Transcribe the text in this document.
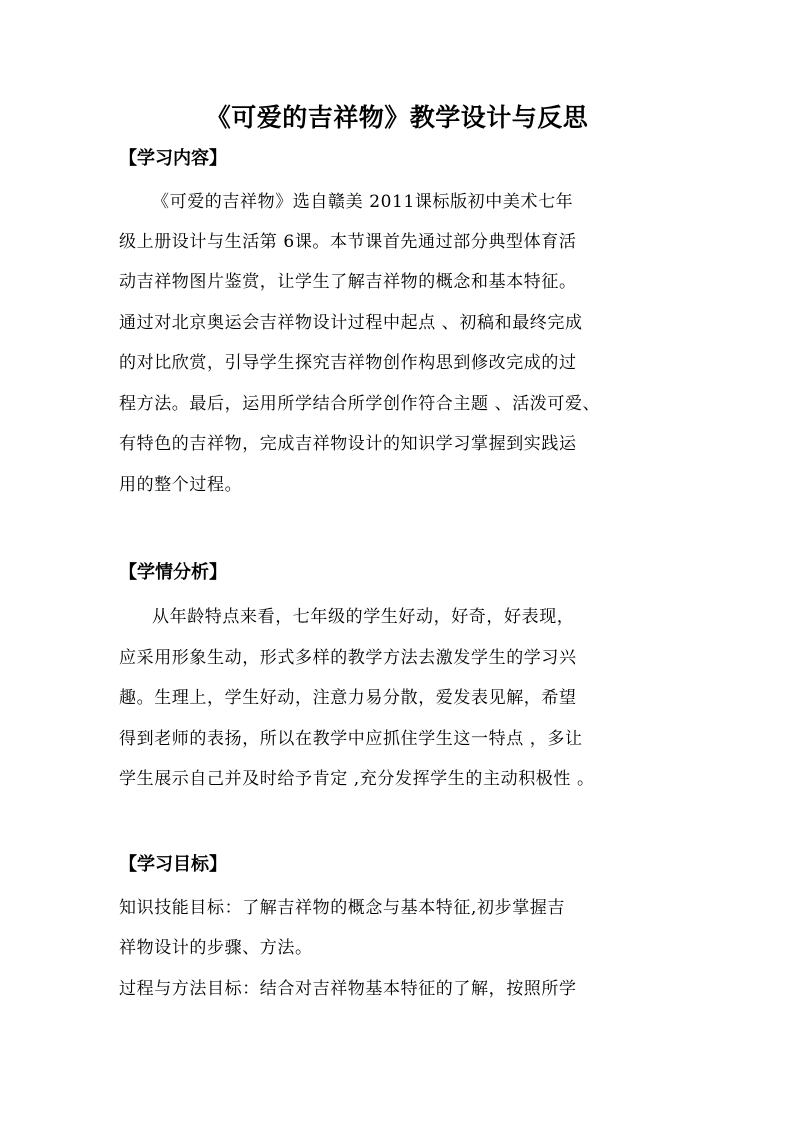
《可爱的吉祥物》教学设计与反思
【学习内容】
《可爱的吉祥物》选自赣美 2011课标版初中美术七年
级上册设计与生活第 6课。本节课首先通过部分典型体育活
动吉祥物图片鉴赏，让学生了解吉祥物的概念和基本特征。
通过对北京奥运会吉祥物设计过程中起点 、初稿和最终完成
的对比欣赏，引导学生探究吉祥物创作构思到修改完成的过
程方法。最后，运用所学结合所学创作符合主题 、活泼可爱、
有特色的吉祥物，完成吉祥物设计的知识学习掌握到实践运
用的整个过程。
【学情分析】
从年龄特点来看，七年级的学生好动，好奇，好表现，
应采用形象生动，形式多样的教学方法去激发学生的学习兴
趣。生理上，学生好动，注意力易分散，爱发表见解，希望
得到老师的表扬，所以在教学中应抓住学生这一特点 ，多让
学生展示自己并及时给予肯定 ,充分发挥学生的主动积极性 。
【学习目标】
知识技能目标：了解吉祥物的概念与基本特征,初步掌握吉
祥物设计的步骤、方法。
过程与方法目标：结合对吉祥物基本特征的了解，按照所学
